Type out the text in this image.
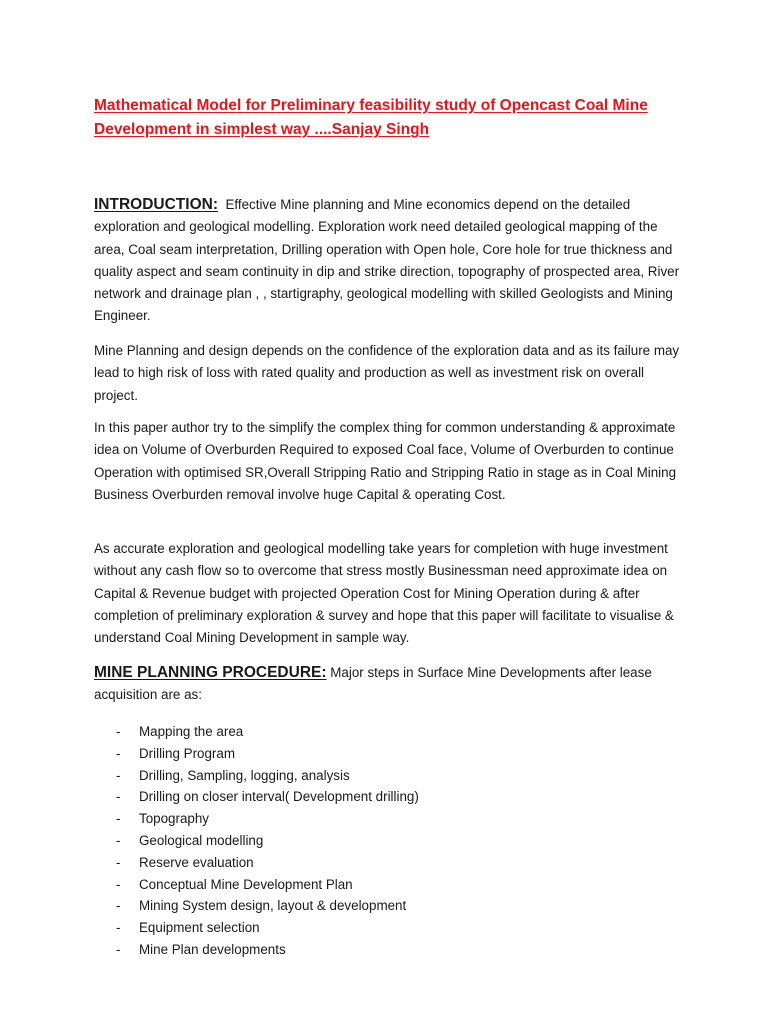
Mathematical Model for Preliminary feasibility study of Opencast Coal Mine Development in simplest way ....Sanjay Singh

INTRODUCTION: Effective Mine planning and Mine economics depend on the detailed exploration and geological modelling. Exploration work need detailed geological mapping of the area, Coal seam interpretation, Drilling operation with Open hole, Core hole for true thickness and quality aspect and seam continuity in dip and strike direction, topography of prospected area, River network and drainage plan , , startigraphy, geological modelling with skilled Geologists and Mining Engineer.

Mine Planning and design depends on the confidence of the exploration data and as its failure may lead to high risk of loss with rated quality and production as well as investment risk on overall project.

In this paper author try to the simplify the complex thing for common understanding & approximate idea on Volume of Overburden Required to exposed Coal face, Volume of Overburden to continue Operation with optimised SR,Overall Stripping Ratio and Stripping Ratio in stage as in Coal Mining Business Overburden removal involve huge Capital & operating Cost.

As accurate exploration and geological modelling take years for completion with huge investment without any cash flow so to overcome that stress mostly Businessman need approximate idea on Capital & Revenue budget with projected Operation Cost for Mining Operation during & after completion of preliminary exploration & survey and hope that this paper will facilitate to visualise & understand Coal Mining Development in sample way.

MINE PLANNING PROCEDURE: Major steps in Surface Mine Developments after lease acquisition are as:

- Mapping the area
- Drilling Program
- Drilling, Sampling, logging, analysis
- Drilling on closer interval( Development drilling)
- Topography
- Geological modelling
- Reserve evaluation
- Conceptual Mine Development Plan
- Mining System design, layout & development
- Equipment selection
- Mine Plan developments
